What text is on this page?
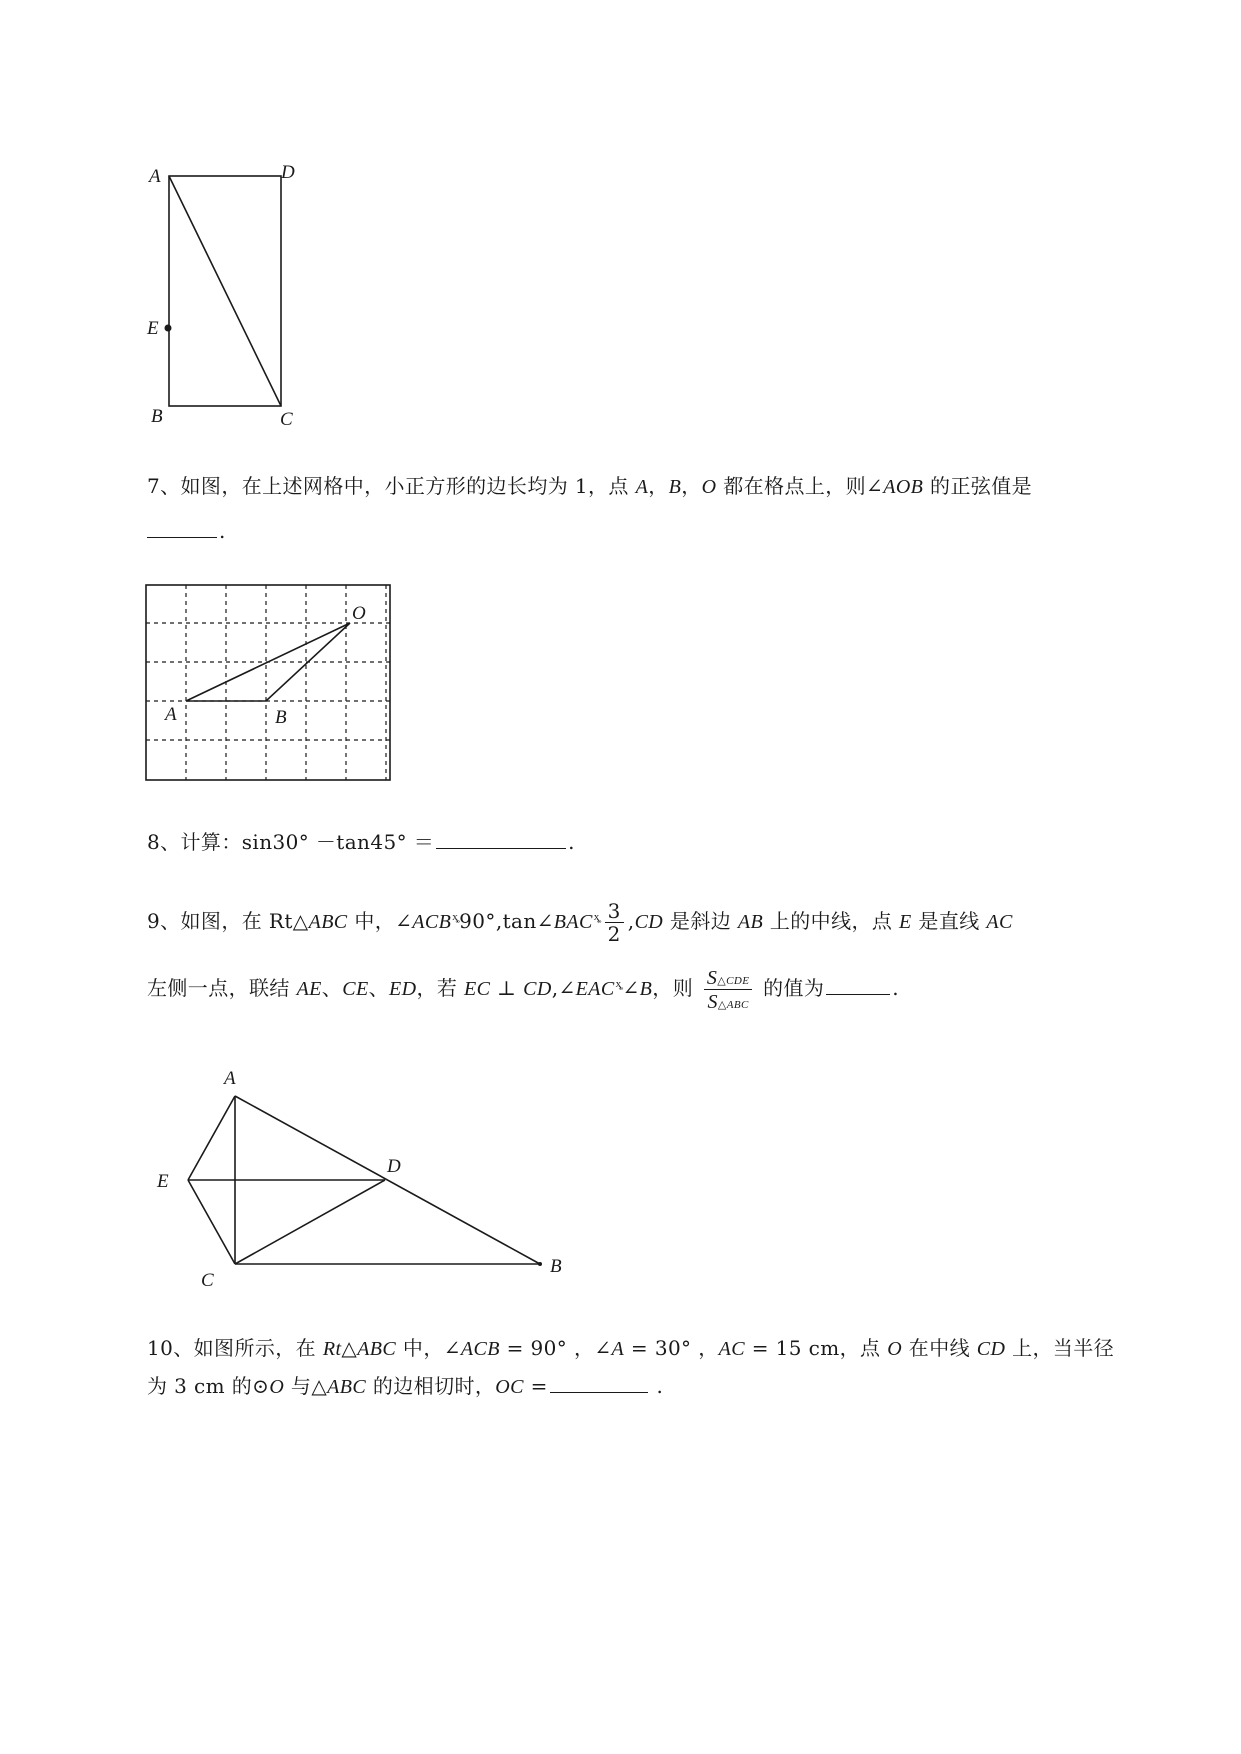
A	D
E
B	C
7、如图，在上述网格中，小正方形的边长均为 1，点 A，B，O 都在格点上，则∠AOB 的正弦值是
.
O
A	B
8、计算：sin30° －tan45° ＝	.
9、如图，在 Rt△ABC 中，$\angle ACB^{ҳ͚}90^\circ,\tan\angle BAC^{ҳ͚} \frac{3}{2} ,CD$ 是斜边 AB 上的中线，点 E 是直线 AC
左侧一点，联结 AE、CE、ED，若 EC ⊥ $CD,\angle EAC^{ҳ͚}\angle B$，则 $\frac{\text{S△CDE}}{\text{S△ABC}}$ 的值为	.
A
E
D
C
B
10、如图所示，在 Rt△ABC 中，∠ACB = 90° ，∠A = 30° ，AC = 15 cm，点 O 在中线 CD 上，当半径
为 3 cm 的⊙O 与△ABC 的边相切时，OC =	.
